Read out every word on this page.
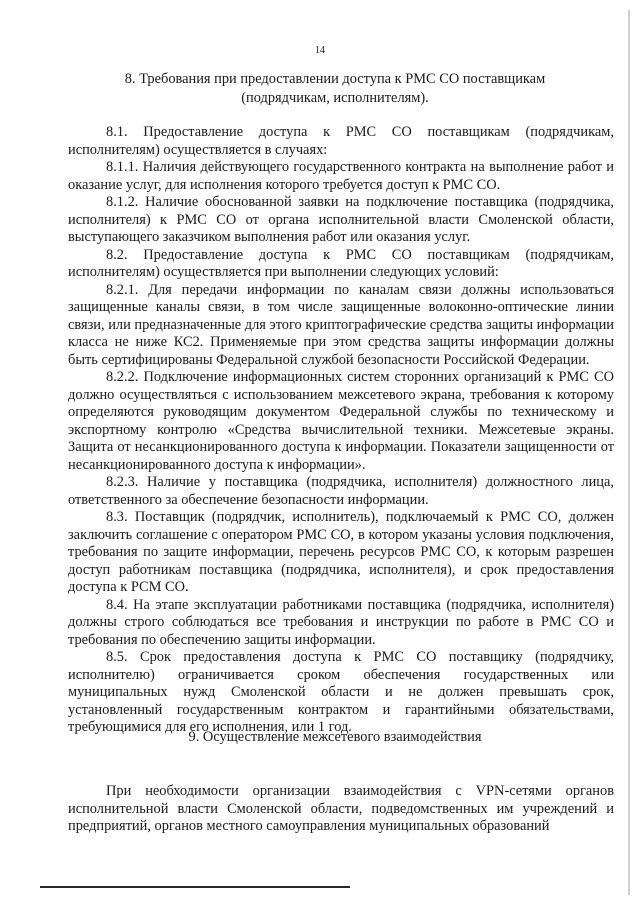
14
8. Требования при предоставлении доступа к РМС СО поставщикам
(подрядчикам, исполнителям).

8.1. Предоставление доступа к РМС СО поставщикам (подрядчикам, исполнителям) осуществляется в случаях:

8.1.1. Наличия действующего государственного контракта на выполнение работ и оказание услуг, для исполнения которого требуется доступ к РМС СО.

8.1.2. Наличие обоснованной заявки на подключение поставщика (подрядчика, исполнителя) к РМС СО от органа исполнительной власти Смоленской области, выступающего заказчиком выполнения работ или оказания услуг.

8.2. Предоставление доступа к РМС СО поставщикам (подрядчикам, исполнителям) осуществляется при выполнении следующих условий:

8.2.1. Для передачи информации по каналам связи должны использоваться защищенные каналы связи, в том числе защищенные волоконно-оптические линии связи, или предназначенные для этого криптографические средства защиты информации класса не ниже КС2. Применяемые при этом средства защиты информации должны быть сертифицированы Федеральной службой безопасности Российской Федерации.

8.2.2. Подключение информационных систем сторонних организаций к РМС СО должно осуществляться с использованием межсетевого экрана, требования к которому определяются руководящим документом Федеральной службы по техническому и экспортному контролю «Средства вычислительной техники. Межсетевые экраны. Защита от несанкционированного доступа к информации. Показатели защищенности от несанкционированного доступа к информации».

8.2.3. Наличие у поставщика (подрядчика, исполнителя) должностного лица, ответственного за обеспечение безопасности информации.

8.3. Поставщик (подрядчик, исполнитель), подключаемый к РМС СО, должен заключить соглашение с оператором РМС СО, в котором указаны условия подключения, требования по защите информации, перечень ресурсов РМС СО, к которым разрешен доступ работникам поставщика (подрядчика, исполнителя), и срок предоставления доступа к РСМ СО.

8.4. На этапе эксплуатации работниками поставщика (подрядчика, исполнителя) должны строго соблюдаться все требования и инструкции по работе в РМС СО и требования по обеспечению защиты информации.

8.5. Срок предоставления доступа к РМС СО поставщику (подрядчику, исполнителю) ограничивается сроком обеспечения государственных или муниципальных нужд Смоленской области и не должен превышать срок, установленный государственным контрактом и гарантийными обязательствами, требующимися для его исполнения, или 1 год.

9. Осуществление межсетевого взаимодействия

При необходимости организации взаимодействия с VPN-сетями органов исполнительной власти Смоленской области, подведомственных им учреждений и предприятий, органов местного самоуправления муниципальных образований
